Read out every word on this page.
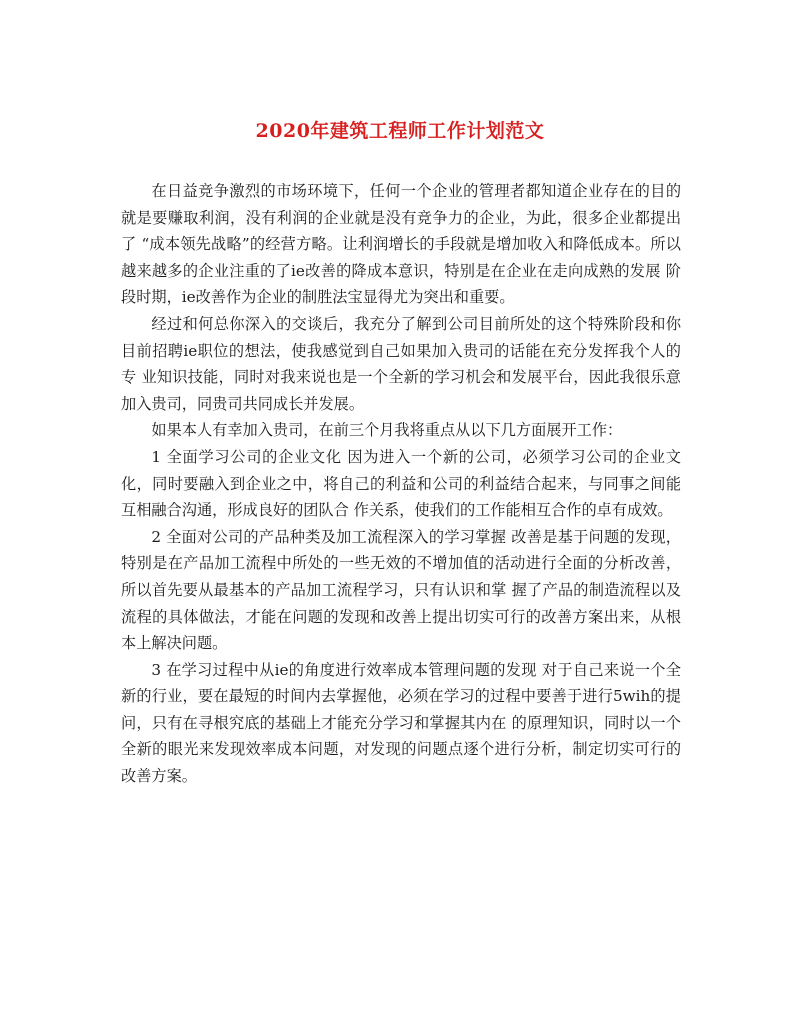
2020年建筑工程师工作计划范文

在日益竞争激烈的市场环境下，任何一个企业的管理者都知道企业存在的目的就是要赚取利润，没有利润的企业就是没有竞争力的企业，为此，很多企业都提出了 “成本领先战略”的经营方略。让利润增长的手段就是增加收入和降低成本。所以越来越多的企业注重的了ie改善的降成本意识，特别是在企业在走向成熟的发展 阶段时期，ie改善作为企业的制胜法宝显得尤为突出和重要。

经过和何总你深入的交谈后，我充分了解到公司目前所处的这个特殊阶段和你目前招聘ie职位的想法，使我感觉到自己如果加入贵司的话能在充分发挥我个人的专 业知识技能，同时对我来说也是一个全新的学习机会和发展平台，因此我很乐意加入贵司，同贵司共同成长并发展。

如果本人有幸加入贵司，在前三个月我将重点从以下几方面展开工作：

1 全面学习公司的企业文化 因为进入一个新的公司，必须学习公司的企业文化，同时要融入到企业之中，将自己的利益和公司的利益结合起来，与同事之间能互相融合沟通，形成良好的团队合 作关系，使我们的工作能相互合作的卓有成效。

2 全面对公司的产品种类及加工流程深入的学习掌握 改善是基于问题的发现，特别是在产品加工流程中所处的一些无效的不增加值的活动进行全面的分析改善，所以首先要从最基本的产品加工流程学习，只有认识和掌 握了产品的制造流程以及流程的具体做法，才能在问题的发现和改善上提出切实可行的改善方案出来，从根本上解决问题。

3 在学习过程中从ie的角度进行效率成本管理问题的发现 对于自己来说一个全新的行业，要在最短的时间内去掌握他，必须在学习的过程中要善于进行5wih的提问，只有在寻根究底的基础上才能充分学习和掌握其内在 的原理知识，同时以一个全新的眼光来发现效率成本问题，对发现的问题点逐个进行分析，制定切实可行的改善方案。
